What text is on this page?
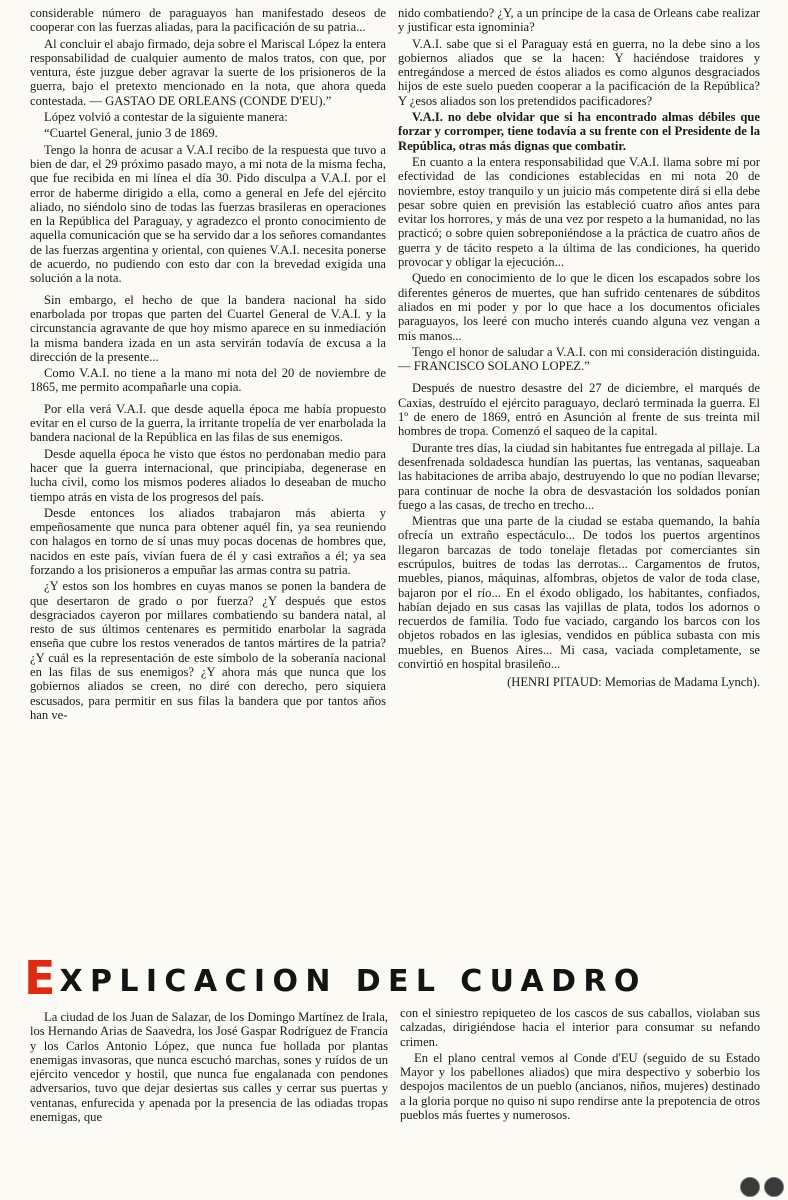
considerable número de paraguayos han manifestado deseos de cooperar con las fuerzas aliadas, para la pacificación de su patria...

Al concluir el abajo firmado, deja sobre el Mariscal López la entera responsabilidad de cualquier aumento de malos tratos, con que, por ventura, éste juzgue deber agravar la suerte de los prisioneros de la guerra, bajo el pretexto mencionado en la nota, que ahora queda contestada. — GASTAO DE ORLEANS (CONDE D'EU).”

López volvió a contestar de la siguiente manera:

“Cuartel General, junio 3 de 1869.

Tengo la honra de acusar a V.A.I recibo de la respuesta que tuvo a bien de dar, el 29 próximo pasado mayo, a mi nota de la misma fecha, que fue recibida en mi línea el día 30. Pido disculpa a V.A.I. por el error de haberme dirigido a ella, como a general en Jefe del ejército aliado, no siéndolo sino de todas las fuerzas brasileras en operaciones en la República del Paraguay, y agradezco el pronto conocimiento de aquella comunicación que se ha servido dar a los señores comandantes de las fuerzas argentina y oriental, con quienes V.A.I. necesita ponerse de acuerdo, no pudiendo con esto dar con la brevedad exigida una solución a la nota.

Sin embargo, el hecho de que la bandera nacional ha sido enarbolada por tropas que parten del Cuartel General de V.A.I. y la circunstancia agravante de que hoy mismo aparece en su inmediación la misma bandera izada en un asta servirán todavía de excusa a la dirección de la presente...

Como V.A.I. no tiene a la mano mi nota del 20 de noviembre de 1865, me permito acompañarle una copia.

Por ella verá V.A.I. que desde aquella época me había propuesto evitar en el curso de la guerra, la irritante tropelía de ver enarbolada la bandera nacional de la República en las filas de sus enemigos.

Desde aquella época he visto que éstos no perdonaban medio para hacer que la guerra internacional, que principiaba, degenerase en lucha civil, como los mismos poderes aliados lo deseaban de mucho tiempo atrás en vista de los progresos del país.

Desde entonces los aliados trabajaron más abierta y empeñosamente que nunca para obtener aquél fin, ya sea reuniendo con halagos en torno de sí unas muy pocas docenas de hombres que, nacidos en este país, vivían fuera de él y casi extraños a él; ya sea forzando a los prisioneros a empuñar las armas contra su patria.

¿Y estos son los hombres en cuyas manos se ponen la bandera de que desertaron de grado o por fuerza? ¿Y después que estos desgraciados cayeron por millares combatiendo su bandera natal, al resto de sus últimos centenares es permitido enarbolar la sagrada enseña que cubre los restos venerados de tantos mártires de la patria? ¿Y cuál es la representación de este símbolo de la soberanía nacional en las filas de sus enemigos? ¿Y ahora más que nunca que los gobiernos aliados se creen, no diré con derecho, pero siquiera escusados, para permitir en sus filas la bandera que por tantos años han ve-

nido combatiendo? ¿Y, a un príncipe de la casa de Orleans cabe realizar y justificar esta ignominia?

V.A.I. sabe que si el Paraguay está en guerra, no la debe sino a los gobiernos aliados que se la hacen: Y haciéndose traidores y entregándose a merced de éstos aliados es como algunos desgraciados hijos de este suelo pueden cooperar a la pacificación de la República? Y ¿esos aliados son los pretendidos pacificadores?

V.A.I. no debe olvidar que si ha encontrado almas débiles que forzar y corromper, tiene todavía a su frente con el Presidente de la República, otras más dignas que combatir.

En cuanto a la entera responsabilidad que V.A.I. llama sobre mí por efectividad de las condiciones establecidas en mi nota 20 de noviembre, estoy tranquilo y un juicio más competente dirá si ella debe pesar sobre quien en previsión las estableció cuatro años antes para evitar los horrores, y más de una vez por respeto a la humanidad, no las practicó; o sobre quien sobreponiéndose a la práctica de cuatro años de guerra y de tácito respeto a la última de las condiciones, ha querido provocar y obligar la ejecución...

Quedo en conocimiento de lo que le dicen los escapados sobre los diferentes géneros de muertes, que han sufrido centenares de súbditos aliados en mi poder y por lo que hace a los documentos oficiales paraguayos, los leeré con mucho interés cuando alguna vez vengan a mis manos...

Tengo el honor de saludar a V.A.I. con mi consideración distinguida. — FRANCISCO SOLANO LOPEZ.”

Después de nuestro desastre del 27 de diciembre, el marqués de Caxias, destruído el ejército paraguayo, declaró terminada la guerra. El 1º de enero de 1869, entró en Asunción al frente de sus treinta mil hombres de tropa. Comenzó el saqueo de la capital.

Durante tres días, la ciudad sin habitantes fue entregada al pillaje. La desenfrenada soldadesca hundían las puertas, las ventanas, saqueaban las habitaciones de arriba abajo, destruyendo lo que no podían llevarse; para continuar de noche la obra de desvastación los soldados ponían fuego a las casas, de trecho en trecho...

Mientras que una parte de la ciudad se estaba quemando, la bahía ofrecía un extraño espectáculo... De todos los puertos argentinos llegaron barcazas de todo tonelaje fletadas por comerciantes sin escrúpulos, buitres de todas las derrotas... Cargamentos de frutos, muebles, pianos, máquinas, alfombras, objetos de valor de toda clase, bajaron por el río... En el éxodo obligado, los habitantes, confiados, habían dejado en sus casas las vajillas de plata, todos los adornos o recuerdos de familia. Todo fue vaciado, cargando los barcos con los objetos robados en las iglesias, vendidos en pública subasta con mis muebles, en Buenos Aires... Mi casa, vaciada completamente, se convirtió en hospital brasileño...

(HENRI PITAUD: Memorias de Madama Lynch).

E XPLICACION DEL CUADRO

La ciudad de los Juan de Salazar, de los Domingo Martínez de Irala, los Hernando Arias de Saavedra, los José Gaspar Rodríguez de Francia y los Carlos Antonio López, que nunca fue hollada por plantas enemigas invasoras, que nunca escuchó marchas, sones y ruídos de un ejército vencedor y hostil, que nunca fue engalanada con pendones adversarios, tuvo que dejar desiertas sus calles y cerrar sus puertas y ventanas, enfurecida y apenada por la presencia de las odiadas tropas enemigas, que

con el siniestro repiqueteo de los cascos de sus caballos, violaban sus calzadas, dirigiéndose hacia el interior para consumar su nefando crimen.

En el plano central vemos al Conde d'EU (seguido de su Estado Mayor y los pabellones aliados) que mira despectivo y soberbio los despojos macilentos de un pueblo (ancianos, niños, mujeres) destinado a la gloria porque no quiso ni supo rendirse ante la prepotencia de otros pueblos más fuertes y numerosos.
